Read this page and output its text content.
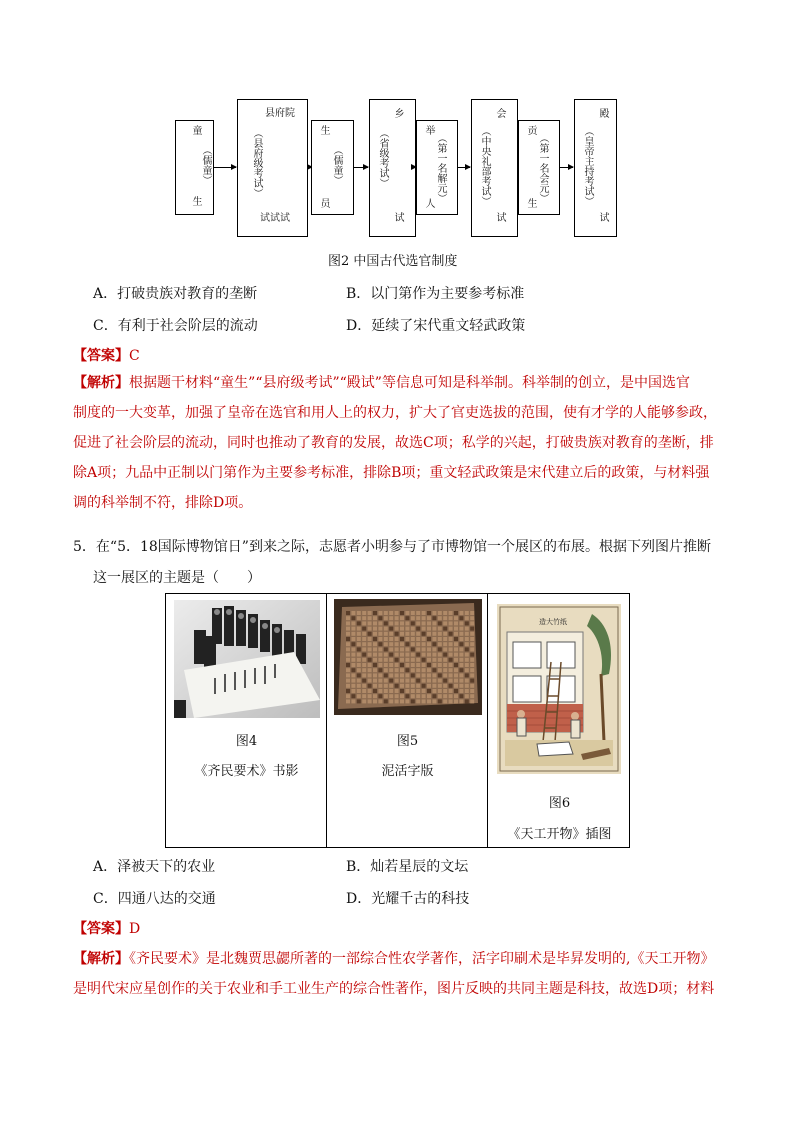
童
（儒童）
生
县府院
（县府级考试）
试试试
生
（儒童）
员
乡
（省级考试）
试
举
（第一名解元）
人
会
（中央礼部考试）
试
贡
（第一名会元）
生
殿
（皇帝主持考试）
试
图2 中国古代选官制度
A．打破贵族对教育的垄断	B．以门第作为主要参考标准
C．有利于社会阶层的流动	D．延续了宋代重文轻武政策
【答案】C
【解析】根据题干材料“童生”“县府级考试”“殿试”等信息可知是科举制。科举制的创立，是中国选官
制度的一大变革，加强了皇帝在选官和用人上的权力，扩大了官吏选拔的范围，使有才学的人能够参政，
促进了社会阶层的流动，同时也推动了教育的发展，故选C项；私学的兴起，打破贵族对教育的垄断，排
除A项；九品中正制以门第作为主要参考标准，排除B项；重文轻武政策是宋代建立后的政策，与材料强
调的科举制不符，排除D项。
5．在“5．18国际博物馆日”到来之际，志愿者小明参与了市博物馆一个展区的布展。根据下列图片推断
这一展区的主题是（　　）
图4
《齐民要术》书影
图5
泥活字版
造大竹纸
图6
《天工开物》插图
A．泽被天下的农业	B．灿若星辰的文坛
C．四通八达的交通	D．光耀千古的科技
【答案】D
【解析】《齐民要术》是北魏贾思勰所著的一部综合性农学著作，活字印刷术是毕昇发明的,《天工开物》
是明代宋应星创作的关于农业和手工业生产的综合性著作，图片反映的共同主题是科技，故选D项；材料
